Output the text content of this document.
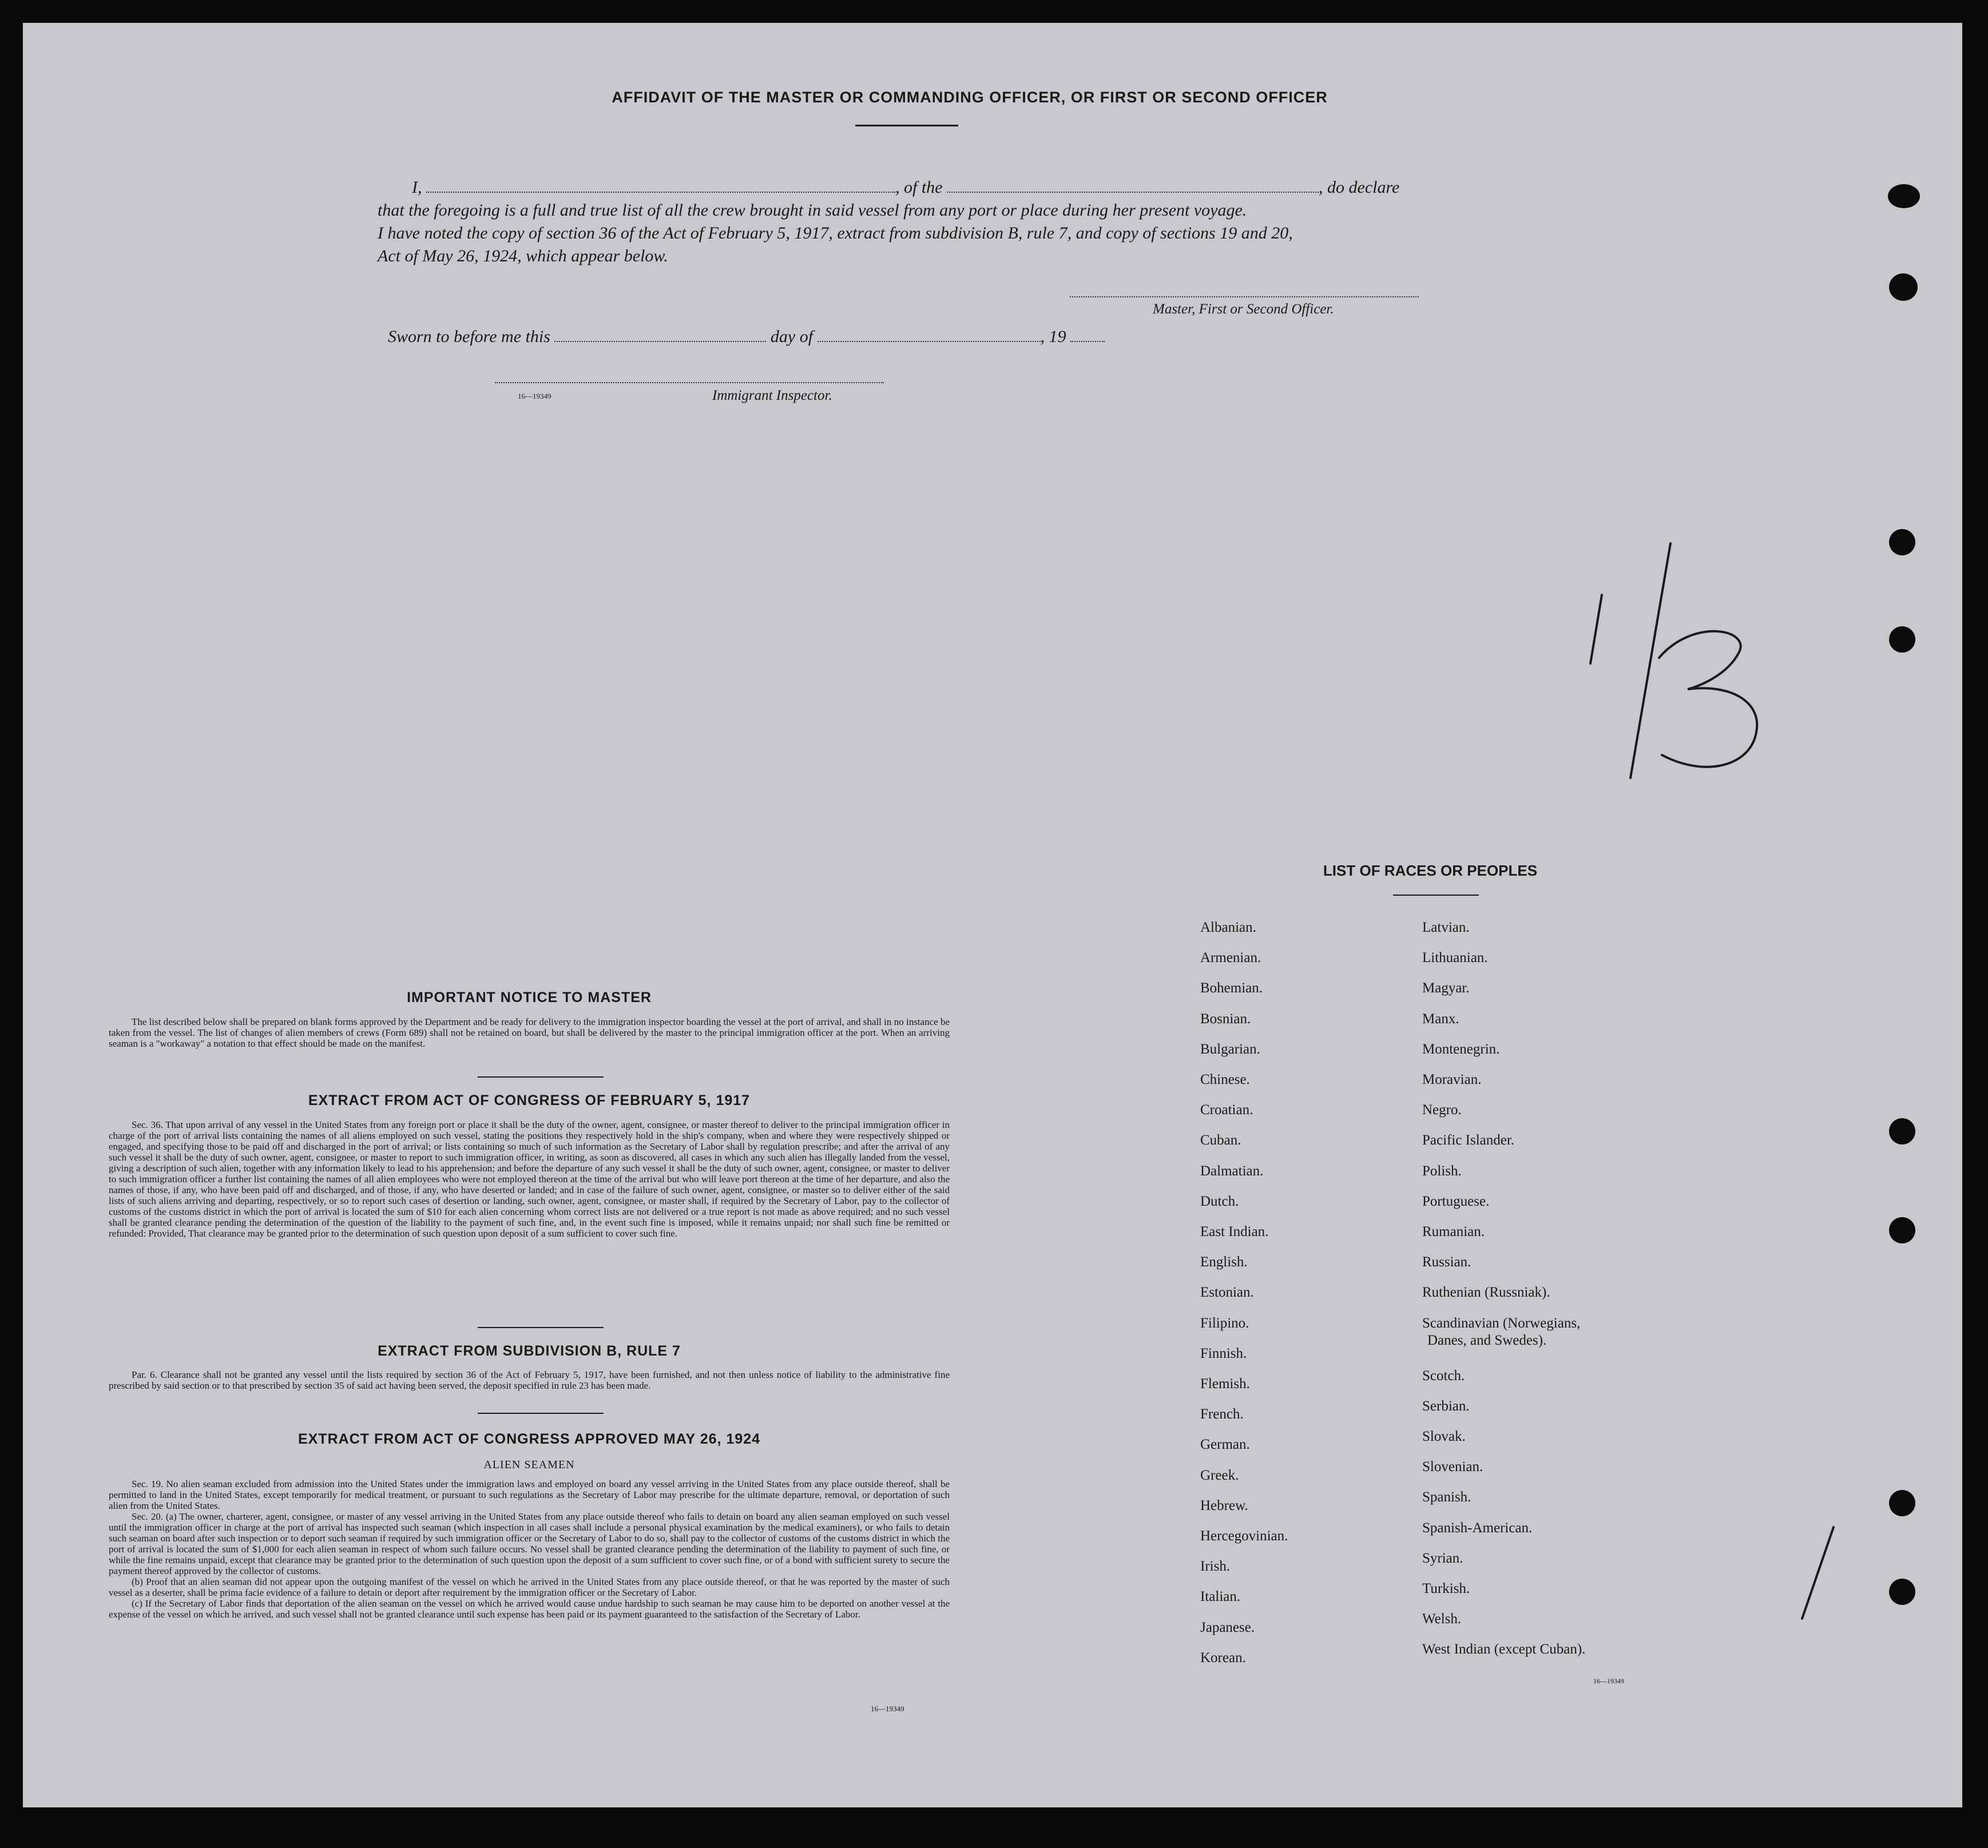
AFFIDAVIT OF THE MASTER OR COMMANDING OFFICER, OR FIRST OR SECOND OFFICER
I,	, of the	, do declare
that the foregoing is a full and true list of all the crew brought in said vessel from any port or place during her present voyage.
I have noted the copy of section 36 of the Act of February 5, 1917, extract from subdivision B, rule 7, and copy of sections 19 and 20,
Act of May 26, 1924, which appear below.
Master, First or Second Officer.
Sworn to before me this	day of	, 19
16—19349	Immigrant Inspector.
IMPORTANT NOTICE TO MASTER

The list described below shall be prepared on blank forms approved by the Department and be ready for delivery to the immigration inspector boarding the vessel at the port of arrival, and shall in no instance be taken from the vessel. The list of changes of alien members of crews (Form 689) shall not be retained on board, but shall be delivered by the master to the principal immigration officer at the port. When an arriving seaman is a "workaway" a notation to that effect should be made on the manifest.

EXTRACT FROM ACT OF CONGRESS OF FEBRUARY 5, 1917

Sec. 36. That upon arrival of any vessel in the United States from any foreign port or place it shall be the duty of the owner, agent, consignee, or master thereof to deliver to the principal immigration officer in charge of the port of arrival lists containing the names of all aliens employed on such vessel, stating the positions they respectively hold in the ship's company, when and where they were respectively shipped or engaged, and specifying those to be paid off and discharged in the port of arrival; or lists containing so much of such information as the Secretary of Labor shall by regulation prescribe; and after the arrival of any such vessel it shall be the duty of such owner, agent, consignee, or master to report to such immigration officer, in writing, as soon as discovered, all cases in which any such alien has illegally landed from the vessel, giving a description of such alien, together with any information likely to lead to his apprehension; and before the departure of any such vessel it shall be the duty of such owner, agent, consignee, or master to deliver to such immigration officer a further list containing the names of all alien employees who were not employed thereon at the time of the arrival but who will leave port thereon at the time of her departure, and also the names of those, if any, who have been paid off and discharged, and of those, if any, who have deserted or landed; and in case of the failure of such owner, agent, consignee, or master so to deliver either of the said lists of such aliens arriving and departing, respectively, or so to report such cases of desertion or landing, such owner, agent, consignee, or master shall, if required by the Secretary of Labor, pay to the collector of customs of the customs district in which the port of arrival is located the sum of $10 for each alien concerning whom correct lists are not delivered or a true report is not made as above required; and no such vessel shall be granted clearance pending the determination of the question of the liability to the payment of such fine, and, in the event such fine is imposed, while it remains unpaid; nor shall such fine be remitted or refunded: Provided, That clearance may be granted prior to the determination of such question upon deposit of a sum sufficient to cover such fine.

EXTRACT FROM SUBDIVISION B, RULE 7

Par. 6. Clearance shall not be granted any vessel until the lists required by section 36 of the Act of February 5, 1917, have been furnished, and not then unless notice of liability to the administrative fine prescribed by said section or to that prescribed by section 35 of said act having been served, the deposit specified in rule 23 has been made.

EXTRACT FROM ACT OF CONGRESS APPROVED MAY 26, 1924
ALIEN SEAMEN

Sec. 19. No alien seaman excluded from admission into the United States under the immigration laws and employed on board any vessel arriving in the United States from any place outside thereof, shall be permitted to land in the United States, except temporarily for medical treatment, or pursuant to such regulations as the Secretary of Labor may prescribe for the ultimate departure, removal, or deportation of such alien from the United States.

Sec. 20. (a) The owner, charterer, agent, consignee, or master of any vessel arriving in the United States from any place outside thereof who fails to detain on board any alien seaman employed on such vessel until the immigration officer in charge at the port of arrival has inspected such seaman (which inspection in all cases shall include a personal physical examination by the medical examiners), or who fails to detain such seaman on board after such inspection or to deport such seaman if required by such immigration officer or the Secretary of Labor to do so, shall pay to the collector of customs of the customs district in which the port of arrival is located the sum of $1,000 for each alien seaman in respect of whom such failure occurs. No vessel shall be granted clearance pending the determination of the liability to payment of such fine, or while the fine remains unpaid, except that clearance may be granted prior to the determination of such question upon the deposit of a sum sufficient to cover such fine, or of a bond with sufficient surety to secure the payment thereof approved by the collector of customs.

(b) Proof that an alien seaman did not appear upon the outgoing manifest of the vessel on which he arrived in the United States from any place outside thereof, or that he was reported by the master of such vessel as a deserter, shall be prima facie evidence of a failure to detain or deport after requirement by the immigration officer or the Secretary of Labor.

(c) If the Secretary of Labor finds that deportation of the alien seaman on the vessel on which he arrived would cause undue hardship to such seaman he may cause him to be deported on another vessel at the expense of the vessel on which he arrived, and such vessel shall not be granted clearance until such expense has been paid or its payment guaranteed to the satisfaction of the Secretary of Labor.

16—19349
LIST OF RACES OR PEOPLES
16—19349
Albanian.
Armenian.
Bohemian.
Bosnian.
Bulgarian.
Chinese.
Croatian.
Cuban.
Dalmatian.
Dutch.
East Indian.
English.
Estonian.
Filipino.
Finnish.
Flemish.
French.
German.
Greek.
Hebrew.
Hercegovinian.
Irish.
Italian.
Japanese.
Korean.
Latvian.
Lithuanian.
Magyar.
Manx.
Montenegrin.
Moravian.
Negro.
Pacific Islander.
Polish.
Portuguese.
Rumanian.
Russian.
Ruthenian (Russniak).
Scandinavian (Norwegians,
Danes, and Swedes).
Scotch.
Serbian.
Slovak.
Slovenian.
Spanish.
Spanish-American.
Syrian.
Turkish.
Welsh.
West Indian (except Cuban).
